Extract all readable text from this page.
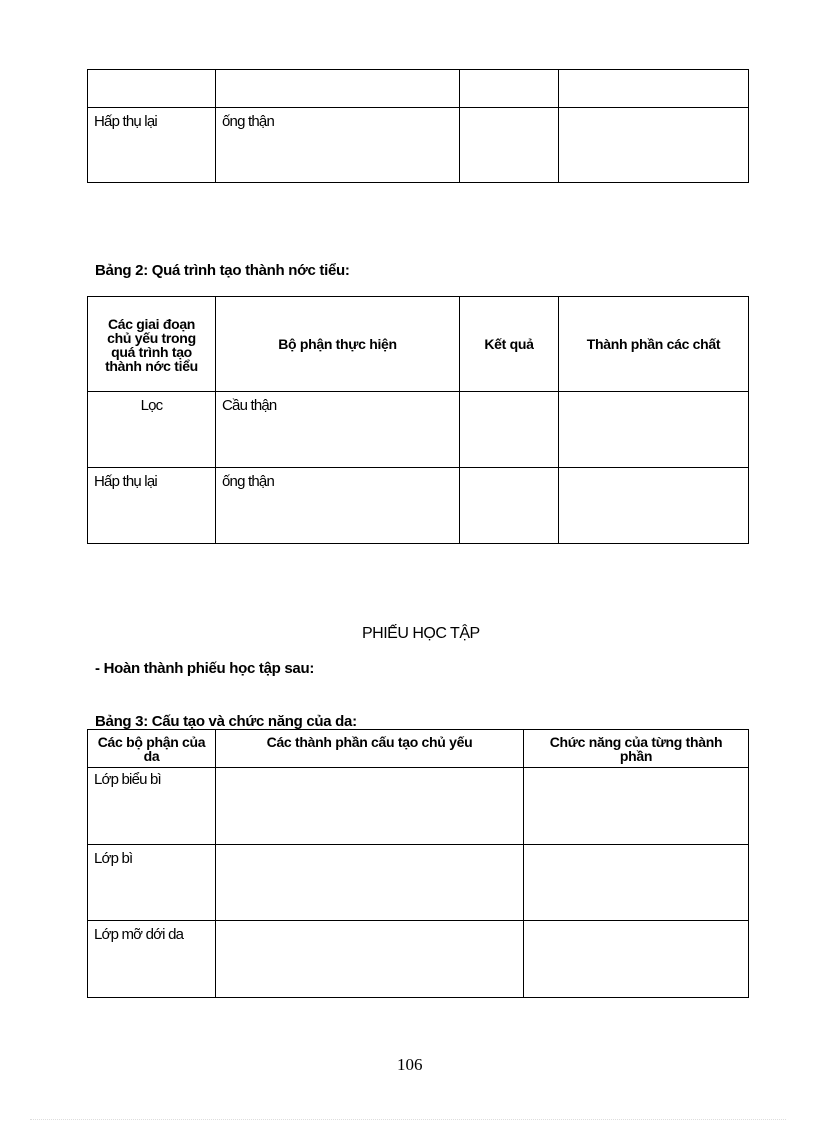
Hấp thụ lại	ống thận		

Bảng 2: Quá trình tạo thành nớc tiểu:
Các giai đoạn chủ yếu trong quá trình tạo thành nớc tiểu	Bộ phận thực hiện	Kết quả	Thành phần các chất

Lọc	Cầu thận		

Hấp thụ lại	ống thận		

PHIẾU HỌC TẬP
- Hoàn thành phiếu học tập sau:
Bảng 3: Cấu tạo và chức năng của da:
Các bộ phận của da	Các thành phần cấu tạo chủ yếu	Chức năng của từng thành phần

Lớp biểu bì		

Lớp bì		

Lớp mỡ dới da		

106
